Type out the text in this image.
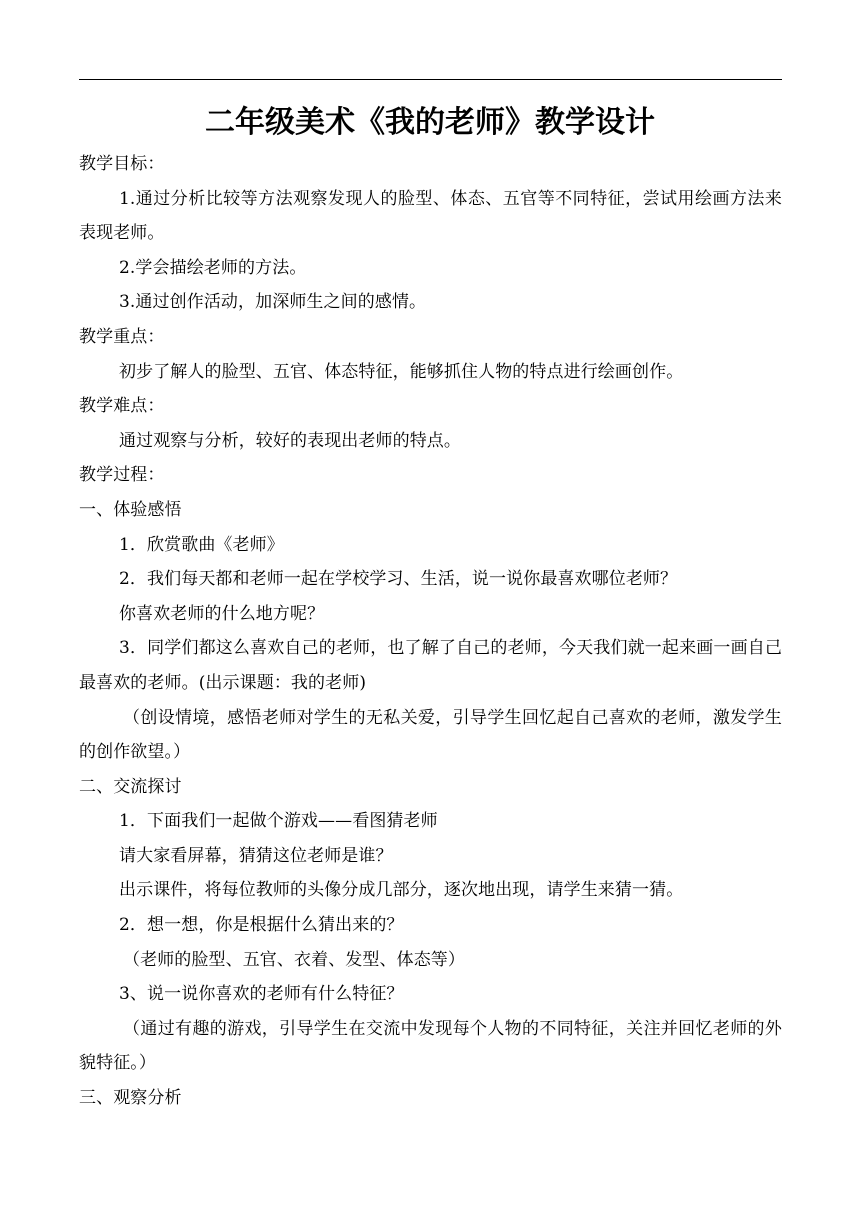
二年级美术《我的老师》教学设计

教学目标：

1.通过分析比较等方法观察发现人的脸型、体态、五官等不同特征，尝试用绘画方法来表现老师。

2.学会描绘老师的方法。

3.通过创作活动，加深师生之间的感情。

教学重点：

初步了解人的脸型、五官、体态特征，能够抓住人物的特点进行绘画创作。

教学难点：

通过观察与分析，较好的表现出老师的特点。

教学过程：

一、体验感悟

1．欣赏歌曲《老师》

2．我们每天都和老师一起在学校学习、生活，说一说你最喜欢哪位老师？

你喜欢老师的什么地方呢？

3．同学们都这么喜欢自己的老师，也了解了自己的老师，今天我们就一起来画一画自己最喜欢的老师。(出示课题：我的老师)

（创设情境，感悟老师对学生的无私关爱，引导学生回忆起自己喜欢的老师，激发学生的创作欲望。）

二、交流探讨

1．下面我们一起做个游戏——看图猜老师

请大家看屏幕，猜猜这位老师是谁？

出示课件，将每位教师的头像分成几部分，逐次地出现，请学生来猜一猜。

2．想一想，你是根据什么猜出来的？

（老师的脸型、五官、衣着、发型、体态等）

3、说一说你喜欢的老师有什么特征？

（通过有趣的游戏，引导学生在交流中发现每个人物的不同特征，关注并回忆老师的外貌特征。）

三、观察分析
